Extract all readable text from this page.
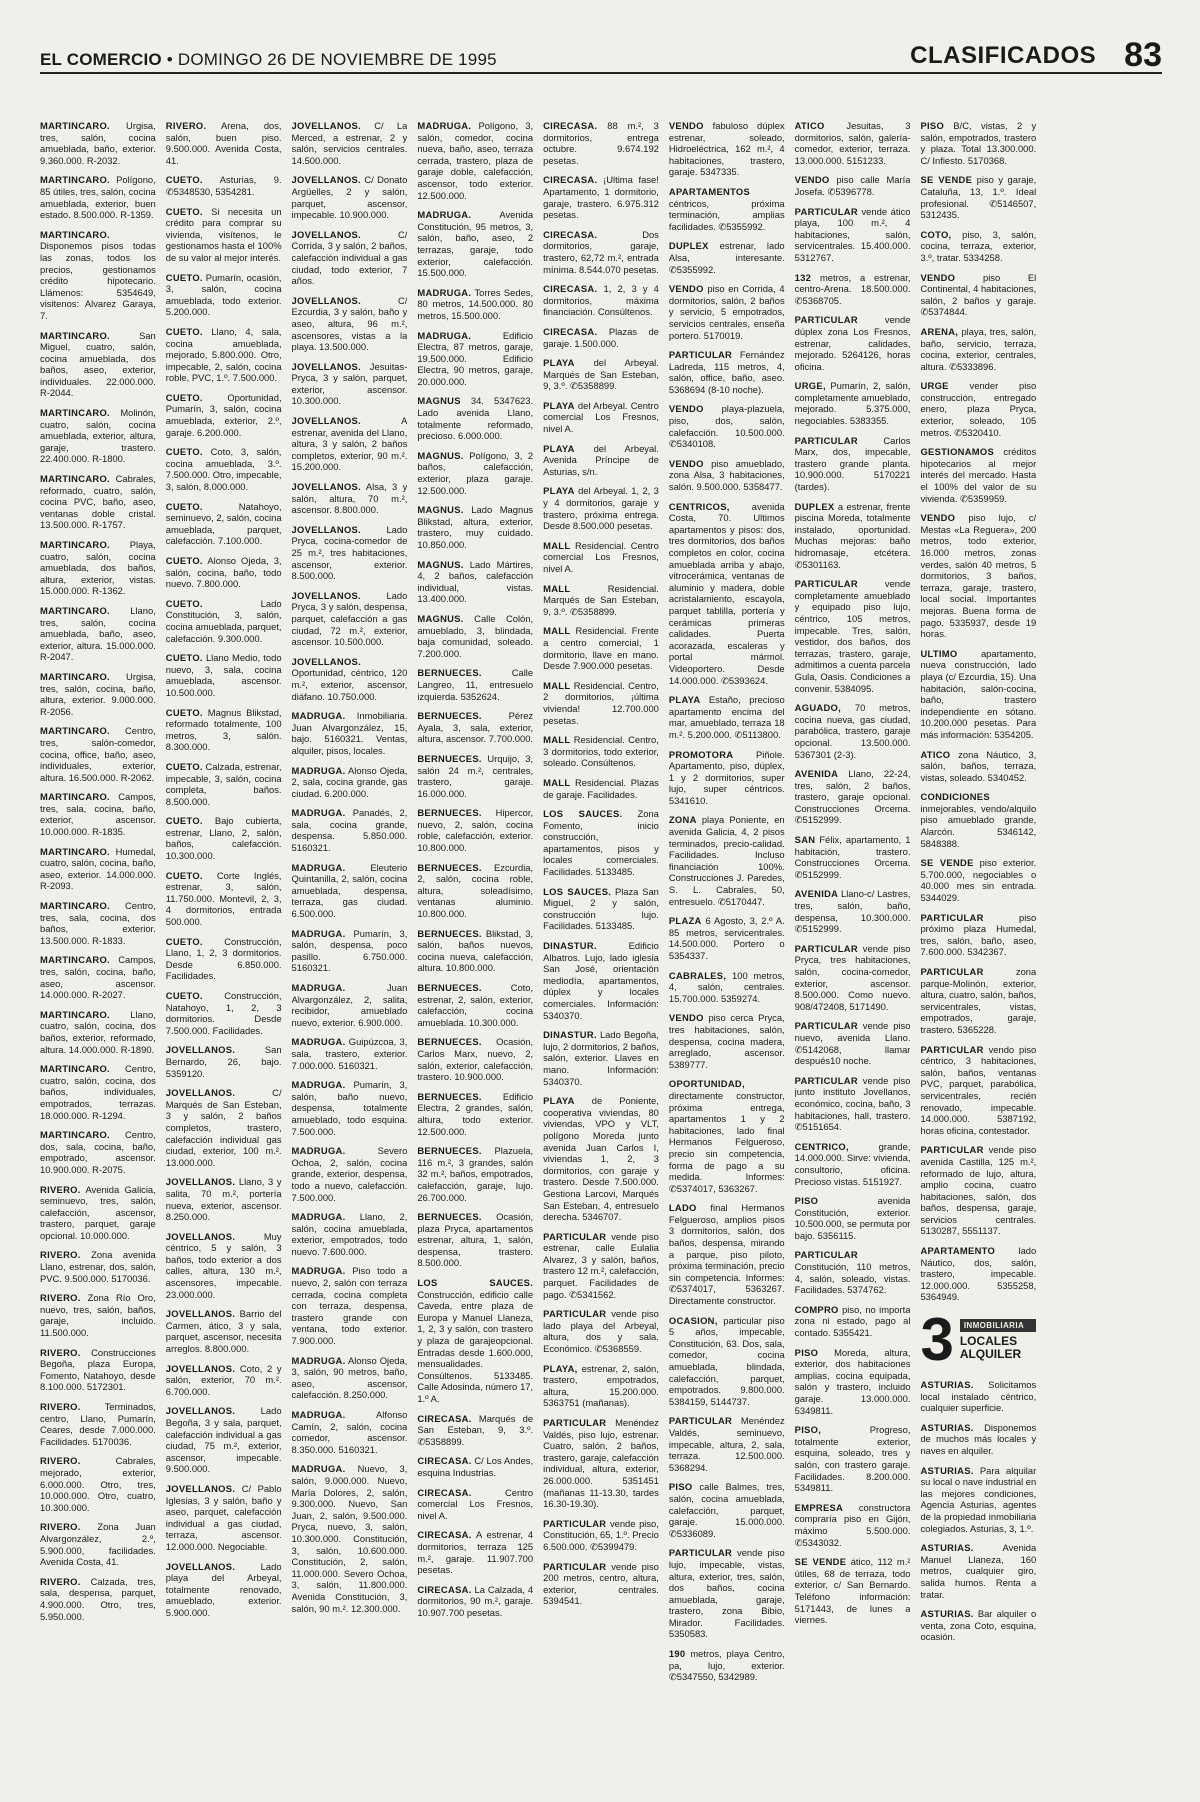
EL COMERCIO • DOMINGO 26 DE NOVIEMBRE DE 1995	CLASIFICADOS 83

MARTINCARO. Urgisa, tres, salón, cocina amueblada, baño, exterior. 9.360.000. R-2032.

MARTINCARO. Polígono, 85 útiles, tres, salón, cocina amueblada, exterior, buen estado. 8.500.000. R-1359.

MARTINCARO. Disponemos pisos todas las zonas, todos los precios, gestionamos crédito hipotecario. Llámenos: 5354649, visitenos: Alvarez Garaya, 7.

MARTINCARO. San Miguel, cuatro, salón, cocina amueblada, dos baños, aseo, exterior, individuales. 22.000.000. R-2044.

MARTINCARO. Molinón, cuatro, salón, cocina amueblada, exterior, altura, garaje, trastero. 22.400.000. R-1800.

MARTINCARO. Cabrales, reformado, cuatro, salón, cocina PVC, baño, aseo, ventanas doble cristal. 13.500.000. R-1757.

MARTINCARO. Playa, cuatro, salón, cocina amueblada, dos baños, altura, exterior, vistas. 15.000.000. R-1362.

MARTINCARO. Llano, tres, salón, cocina amueblada, baño, aseo, exterior, altura. 15.000.000. R-2047.

MARTINCARO. Urgisa, tres, salón, cocina, baño, altura, exterior. 9.000.000. R-2056.

MARTINCARO. Centro, tres, salón-comedor, cocina, office, baño, aseo, individuales, exterior, altura. 16.500.000. R-2062.

MARTINCARO. Campos, tres, sala, cocina, baño, exterior, ascensor. 10.000.000. R-1835.

MARTINCARO. Humedal, cuatro, salón, cocina, baño, aseo, exterior. 14.000.000. R-2093.

MARTINCARO. Centro, tres, sala, cocina, dos baños, exterior. 13.500.000. R-1833.

MARTINCARO. Campos, tres, salón, cocina, baño, aseo, ascensor. 14.000.000. R-2027.

MARTINCARO. Llano, cuatro, salón, cocina, dos baños, exterior, reformado, altura. 14.000.000. R-1890.

MARTINCARO. Centro, cuatro, salón, cocina, dos baños, individuales, empotrados, terrazas. 18.000.000. R-1294.

MARTINCARO. Centro, dos, sala, cocina, baño, empotrado, ascensor. 10.900.000. R-2075.

RIVERO. Avenida Galicia, seminuevo, tres, salón, calefacción, ascensor, trastero, parquet, garaje opcional. 10.000.000.

RIVERO. Zona avenida Llano, estrenar, dos, salón, PVC. 9.500.000. 5170036.

RIVERO. Zona Río Oro, nuevo, tres, salón, baños, garaje, incluido. 11.500.000.

RIVERO. Construcciones Begoña, plaza Europa, Fomento, Natahoyo, desde 8.100.000. 5172301.

RIVERO. Terminados, centro, Llano, Pumarín, Ceares, desde 7.000.000. Facilidades. 5170036.

RIVERO. Cabrales, mejorado, exterior, 6.000.000. Otro, tres, 10.000.000. Otro, cuatro, 10.300.000.

RIVERO. Zona Juan Alvargonzález, 2.º, 5.900.000, facilidades. Avenida Costa, 41.

RIVERO. Calzada, tres, sala, despensa, parquet, 4.900.000. Otro, tres, 5.950.000.

RIVERO. Arena, dos, salón, buen piso. 9.500.000. Avenida Costa, 41.

CUETO. Asturias, 9. ✆5348530, 5354281.

CUETO. Si necesita un crédito para comprar su vivienda, visítenos, le gestionamos hasta el 100% de su valor al mejor interés.

CUETO. Pumarín, ocasión, 3, salón, cocina amueblada, todo exterior. 5.200.000.

CUETO. Llano, 4, sala, cocina amueblada, mejorado, 5.800.000. Otro, impecable, 2, salón, cocina roble, PVC, 1.º. 7.500.000.

CUETO. Oportunidad, Pumarín, 3, salón, cocina amueblada, exterior, 2.º, garaje. 6.200.000.

CUETO. Coto, 3, salón, cocina amueblada, 3.º. 7.500.000. Otro, impecable, 3, salón, 8.000.000.

CUETO. Natahoyo, seminuevo, 2, salón, cocina amueblada, parquet, calefacción. 7.100.000.

CUETO. Alonso Ojeda, 3, salón, cocina, baño, todo nuevo. 7.800.000.

CUETO. Lado Constitución, 3, salón, cocina amueblada, parquet, calefacción. 9.300.000.

CUETO. Llano Medio, todo nuevo, 3, sala, cocina amueblada, ascensor. 10.500.000.

CUETO. Magnus Blikstad, reformado totalmente, 100 metros, 3, salón. 8.300.000.

CUETO. Calzada, estrenar, impecable, 3, salón, cocina completa, baños. 8.500.000.

CUETO. Bajo cubierta, estrenar, Llano, 2, salón, baños, calefacción. 10.300.000.

CUETO. Corte Inglés, estrenar, 3, salón, 11.750.000. Montevil, 2, 3, 4 dormitorios, entrada 500.000.

CUETO. Construcción, Llano, 1, 2, 3 dormitorios. Desde 6.850.000. Facilidades.

CUETO. Construcción, Natahoyo, 1, 2, 3 dormitorios. Desde 7.500.000. Facilidades.

JOVELLANOS. San Bernardo, 26, bajo. 5359120.

JOVELLANOS. C/ Marqués de San Esteban, 3 y salón, 2 baños completos, trastero, calefacción individual gas ciudad, exterior, 100 m.². 13.000.000.

JOVELLANOS. Llano, 3 y salita, 70 m.², portería nueva, exterior, ascensor. 8.250.000.

JOVELLANOS. Muy céntrico, 5 y salón, 3 baños, todo exterior a dos calles, altura, 130 m.², ascensores, impecable. 23.000.000.

JOVELLANOS. Barrio del Carmen, ático, 3 y sala, parquet, ascensor, necesita arreglos. 8.800.000.

JOVELLANOS. Coto, 2 y salón, exterior, 70 m.². 6.700.000.

JOVELLANOS. Lado Begoña, 3 y sala, parquet, calefacción individual a gas ciudad, 75 m.², exterior, ascensor, impecable. 9.500.000.

JOVELLANOS. C/ Pablo Iglesias, 3 y salón, baño y aseo, parquet, calefacción individual a gas ciudad, terraza, ascensor. 12.000.000. Negociable.

JOVELLANOS. Lado playa del Arbeyal, totalmente renovado, amueblado, exterior. 5.900.000.

JOVELLANOS. C/ La Merced, a estrenar, 2 y salón, servicios centrales. 14.500.000.

JOVELLANOS. C/ Donato Argüelles, 2 y salón, parquet, ascensor, impecable. 10.900.000.

JOVELLANOS. C/ Corrida, 3 y salón, 2 baños, calefacción individual a gas ciudad, todo exterior, 7 años.

JOVELLANOS. C/ Ezcurdia, 3 y salón, baño y aseo, altura, 96 m.², ascensores, vistas a la playa. 13.500.000.

JOVELLANOS. Jesuitas-Pryca, 3 y salón, parquet, exterior, ascensor. 10.300.000.

JOVELLANOS. A estrenar, avenida del Llano, altura, 3 y salón, 2 baños completos, exterior, 90 m.². 15.200.000.

JOVELLANOS. Alsa, 3 y salón, altura, 70 m.², ascensor. 8.800.000.

JOVELLANOS. Lado Pryca, cocina-comedor de 25 m.², tres habitaciones, ascensor, exterior. 8.500.000.

JOVELLANOS. Lado Pryca, 3 y salón, despensa, parquet, calefacción a gas ciudad, 72 m.², exterior, ascensor. 10.500.000.

JOVELLANOS. Oportunidad, céntrico, 120 m.², exterior, ascensor, diáfano. 10.750.000.

MADRUGA. Inmobiliaria. Juan Alvargonzález, 15, bajo. 5160321. Ventas, alquiler, pisos, locales.

MADRUGA. Alonso Ojeda, 2, sala, cocina grande, gas ciudad. 6.200.000.

MADRUGA. Panadés, 2, sala, cocina grande, despensa. 5.850.000. 5160321.

MADRUGA. Eleuterio Quintanilla, 2, salón, cocina amueblada, despensa, terraza, gas ciudad. 6.500.000.

MADRUGA. Pumarín, 3, salón, despensa, poco pasillo. 6.750.000. 5160321.

MADRUGA. Juan Alvargonzález, 2, salita, recibidor, amueblado nuevo, exterior. 6.900.000.

MADRUGA. Guipúzcoa, 3, sala, trastero, exterior. 7.000.000. 5160321.

MADRUGA. Pumarín, 3, salón, baño nuevo, despensa, totalmente amueblado, todo esquina. 7.500.000.

MADRUGA. Severo Ochoa, 2, salón, cocina grande, exterior, despensa, todo a nuevo, calefacción. 7.500.000.

MADRUGA. Llano, 2, salón, cocina amueblada, exterior, empotrados, todo nuevo. 7.600.000.

MADRUGA. Piso todo a nuevo, 2, salón con terraza cerrada, cocina completa con terraza, despensa, trastero grande con ventana, todo exterior. 7.900.000.

MADRUGA. Alonso Ojeda, 3, salón, 90 metros, baño, aseo, ascensor, calefacción. 8.250.000.

MADRUGA. Alfonso Camín, 2, salón, cocina comedor, ascensor. 8.350.000. 5160321.

MADRUGA. Nuevo, 3, salón, 9.000.000. Nuevo, María Dolores, 2, salón, 9.300.000. Nuevo, San Juan, 2, salón, 9.500.000. Pryca, nuevo, 3, salón, 10.300.000. Constitución, 3, salón, 10.600.000. Constitución, 2, salón, 11.000.000. Severo Ochoa, 3, salón, 11.800.000. Avenida Constitución, 3, salón, 90 m.². 12.300.000.

MADRUGA. Polígono, 3, salón, comedor, cocina nueva, baño, aseo, terraza cerrada, trastero, plaza de garaje doble, calefacción, ascensor, todo exterior. 12.500.000.

MADRUGA. Avenida Constitución, 95 metros, 3, salón, baño, aseo, 2 terrazas, garaje, todo exterior, calefacción. 15.500.000.

MADRUGA. Torres Sedes, 80 metros, 14.500.000. 80 metros, 15.500.000.

MADRUGA. Edificio Electra, 87 metros, garaje, 19.500.000. Edificio Electra, 90 metros, garaje, 20.000.000.

MAGNUS 34. 5347623. Lado avenida Llano, totalmente reformado, precioso. 6.000.000.

MAGNUS. Polígono, 3, 2 baños, calefacción, exterior, plaza garaje. 12.500.000.

MAGNUS. Lado Magnus Blikstad, altura, exterior, trastero, muy cuidado. 10.850.000.

MAGNUS. Lado Mártires, 4, 2 baños, calefacción individual, vistas. 13.400.000.

MAGNUS. Calle Colón, amueblado, 3, blindada, baja comunidad, soleado. 7.200.000.

BERNUECES. Calle Langreo, 11, entresuelo izquierda. 5352624.

BERNUECES. Pérez Ayala, 3, sala, exterior, altura, ascensor. 7.700.000.

BERNUECES. Urquijo, 3, salón 24 m.², centrales, trastero, garaje. 16.000.000.

BERNUECES. Hipercor, nuevo, 2, salón, cocina roble, calefacción, exterior. 10.800.000.

BERNUECES. Ezcurdia, 2, salón, cocina roble, altura, soleadísimo, ventanas aluminio. 10.800.000.

BERNUECES. Blikstad, 3, salón, baños nuevos, cocina nueva, calefacción, altura. 10.800.000.

BERNUECES. Coto, estrenar, 2, salón, exterior, calefacción, cocina amueblada. 10.300.000.

BERNUECES. Ocasión, Carlos Marx, nuevo, 2, salón, exterior, calefacción, trastero. 10.900.000.

BERNUECES. Edificio Electra, 2 grandes, salón, altura, todo exterior. 12.500.000.

BERNUECES. Plazuela, 116 m.², 3 grandes, salón 32 m.², baños, empotrados, calefacción, garaje, lujo. 26.700.000.

BERNUECES. Ocasión, plaza Pryca, apartamentos estrenar, altura, 1, salón, despensa, trastero. 8.500.000.

LOS SAUCES. Construcción, edificio calle Caveda, entre plaza de Europa y Manuel Llaneza, 1, 2, 3 y salón, con trastero y plaza de garajeopcional. Entradas desde 1.600.000, mensualidades. Consúltenos. 5133485. Calle Adosinda, número 17, 1.º A.

CIRECASA. Marqués de San Esteban, 9, 3.º. ✆5358899.

CIRECASA. C/ Los Andes, esquina Industrias.

CIRECASA. Centro comercial Los Fresnos, nivel A.

CIRECASA. A estrenar, 4 dormitorios, terraza 125 m.², garaje. 11.907.700 pesetas.

CIRECASA. La Calzada, 4 dormitorios, 90 m.², garaje. 10.907.700 pesetas.

CIRECASA. 88 m.², 3 dormitorios, entrega octubre. 9.674.192 pesetas.

CIRECASA. ¡Ultima fase! Apartamento, 1 dormitorio, garaje, trastero. 6.975.312 pesetas.

CIRECASA. Dos dormitorios, garaje, trastero, 62,72 m.², entrada mínima. 8.544.070 pesetas.

CIRECASA. 1, 2, 3 y 4 dormitorios, máxima financiación. Consúltenos.

CIRECASA. Plazas de garaje. 1.500.000.

PLAYA del Arbeyal. Marqués de San Esteban, 9, 3.º. ✆5358899.

PLAYA del Arbeyal. Centro comercial Los Fresnos, nivel A.

PLAYA del Arbeyal. Avenida Príncipe de Asturias, s/n.

PLAYA del Arbeyal. 1, 2, 3 y 4 dormitorios, garaje y trastero, próxima entrega. Desde 8.500.000 pesetas.

MALL Residencial. Centro comercial Los Fresnos, nivel A.

MALL Residencial. Marqués de San Esteban, 9, 3.º. ✆5358899.

MALL Residencial. Frente a centro comercial, 1 dormitorio, llave en mano. Desde 7.900.000 pesetas.

MALL Residencial. Centro, 2 dormitorios, ¡última vivienda! 12.700.000 pesetas.

MALL Residencial. Centro, 3 dormitorios, todo exterior, soleado. Consúltenos.

MALL Residencial. Plazas de garaje. Facilidades.

LOS SAUCES. Zona Fomento, inicio construcción, apartamentos, pisos y locales comerciales. Facilidades. 5133485.

LOS SAUCES. Plaza San Miguel, 2 y salón, construcción lujo. Facilidades. 5133485.

DINASTUR. Edificio Albatros. Lujo, lado iglesia San José, orientación mediodía, apartamentos, dúplex y locales comerciales. Información: 5340370.

DINASTUR. Lado Begoña, lujo, 2 dormitorios, 2 baños, salón, exterior. Llaves en mano. Información: 5340370.

PLAYA de Poniente, cooperativa viviendas, 80 viviendas, VPO y VLT, polígono Moreda junto avenida Juan Carlos I, viviendas 1, 2, 3 dormitorios, con garaje y trastero. Desde 7.500.000. Gestiona Larcovi, Marqués San Esteban, 4, entresuelo derecha. 5346707.

PARTICULAR vende piso estrenar, calle Eulalia Alvarez, 3 y salón, baños, trastero 12 m.², calefacción, parquet. Facilidades de pago. ✆5341562.

PARTICULAR vende piso lado playa del Arbeyal, altura, dos y sala. Económico. ✆5368559.

PLAYA, estrenar, 2, salón, trastero, empotrados, altura, 15.200.000. 5363751 (mañanas).

PARTICULAR Menéndez Valdés, piso lujo, estrenar. Cuatro, salón, 2 baños, trastero, garaje, calefacción individual, altura, exterior, 26.000.000. 5351451 (mañanas 11-13.30, tardes 16.30-19.30).

PARTICULAR vende piso, Constitución, 65, 1.º. Precio 6.500.000. ✆5399479.

PARTICULAR vende piso 200 metros, centro, altura, exterior, centrales. 5394541.

VENDO fabuloso dúplex estrenar, soleado, Hidroeléctrica, 162 m.², 4 habitaciones, trastero, garaje. 5347335.

APARTAMENTOS céntricos, próxima terminación, amplias facilidades. ✆5355992.

DUPLEX estrenar, lado Alsa, interesante. ✆5355992.

VENDO piso en Corrida, 4 dormitorios, salón, 2 baños y servicio, 5 empotrados, servicios centrales, enseña portero. 5170019.

PARTICULAR Fernández Ladreda, 115 metros, 4, salón, office, baño, aseo. 5368694 (8-10 noche).

VENDO playa-plazuela, piso, dos, salón, calefacción. 10.500.000. ✆5340108.

VENDO piso amueblado, zona Alsa, 3 habitaciones, salón. 9.500.000. 5358477.

CENTRICOS, avenida Costa, 70. Ultimos apartamentos y pisos: dos, tres dormitorios, dos baños completos en color, cocina amueblada arriba y abajo, vitrocerámica, ventanas de aluminio y madera, doble acristalamiento, escayola, parquet tablilla, portería y cerámicas primeras calidades. Puerta acorazada, escaleras y portal mármol. Videoportero. Desde 14.000.000. ✆5393624.

PLAYA Estaño, precioso apartamento encima del mar, amueblado, terraza 18 m.². 5.200.000. ✆5113800.

PROMOTORA Piñole. Apartamento, piso, dúplex, 1 y 2 dormitorios, super lujo, super céntricos. 5341610.

ZONA playa Poniente, en avenida Galicia, 4, 2 pisos terminados, precio-calidad. Facilidades. Incluso financiación 100%. Construcciones J. Paredes, S. L. Cabrales, 50, entresuelo. ✆5170447.

PLAZA 6 Agosto, 3, 2.º A. 85 metros, servicentrales. 14.500.000. Portero o 5354337.

CABRALES, 100 metros, 4, salón, centrales. 15.700.000. 5359274.

VENDO piso cerca Pryca, tres habitaciones, salón, despensa, cocina madera, arreglado, ascensor. 5389777.

OPORTUNIDAD, directamente constructor, próxima entrega, apartamentos 1 y 2 habitaciones, lado final Hermanos Felgueroso, precio sin competencia, forma de pago a su medida. Informes: ✆5374017, 5363267.

LADO final Hermanos Felgueroso, amplios pisos 3 dormitorios, salón, dos baños, despensa, mirando a parque, piso piloto, próxima terminación, precio sin competencia. Informes: ✆5374017, 5363267. Directamente constructor.

OCASION, particular piso 5 años, impecable, Constitución, 63. Dos, sala, comedor, cocina amueblada, blindada, calefacción, parquet, empotrados. 9.800.000. 5384159, 5144737.

PARTICULAR Menéndez Valdés, seminuevo, impecable, altura, 2, sala, terraza. 12.500.000. 5368294.

PISO calle Balmes, tres, salón, cocina amueblada, calefacción, parquet, garaje. 15.000.000. ✆5336089.

PARTICULAR vende piso lujo, impecable, vistas, altura, exterior, tres, salón, dos baños, cocina amueblada, garaje, trastero, zona Bibio, Mirador. Facilidades. 5350583.

190 metros, playa Centro, pa, lujo, exterior. ✆5347550, 5342989.

ATICO Jesuitas, 3 dormitorios, salón, galería-comedor, exterior, terraza. 13.000.000. 5151233.

VENDO piso calle María Josefa. ✆5396778.

PARTICULAR vende ático playa, 100 m.², 4 habitaciones, salón, servicentrales. 15.400.000. 5312767.

132 metros, a estrenar, centro-Arena. 18.500.000. ✆5368705.

PARTICULAR vende dúplex zona Los Fresnos, estrenar, calidades, mejorado. 5264126, horas oficina.

URGE, Pumarín, 2, salón, completamente amueblado, mejorado. 5.375.000, negociables. 5383355.

PARTICULAR Carlos Marx, dos, impecable, trastero grande planta. 10.900.000. 5170221 (tardes).

DUPLEX a estrenar, frente piscina Moreda, totalmente instalado, oportunidad. Muchas mejoras: baño hidromasaje, etcétera. ✆5301163.

PARTICULAR vende completamente amueblado y equipado piso lujo, céntrico, 105 metros, impecable. Tres, salón, vestidor, dos baños, dos terrazas, trastero, garaje, admitimos a cuenta parcela Gula, Oasis. Condiciones a convenir. 5384095.

AGUADO, 70 metros, cocina nueva, gas ciudad, parabólica, trastero, garaje opcional. 13.500.000. 5367301 (2-3).

AVENIDA Llano, 22-24, tres, salón, 2 baños, trastero, garaje opcional. Construcciones Orcema. ✆5152999.

SAN Félix, apartamento, 1 habitación, trastero. Construcciones Orcema. ✆5152999.

AVENIDA Llano-c/ Lastres, tres, salón, baño, despensa, 10.300.000. ✆5152999.

PARTICULAR vende piso Pryca, tres habitaciones, salón, cocina-comedor, exterior, ascensor. 8.500.000. Como nuevo. 908/472408, 5171490.

PARTICULAR vende piso nuevo, avenida Llano. ✆5142068, llamar después10 noche.

PARTICULAR vende piso junto instituto Jovellanos, económico, cocina, baño, 3 habitaciones, hall, trastero. ✆5151654.

CENTRICO, grande, 14.000.000. Sirve: vivienda, consultorio, oficina. Precioso vistas. 5151927.

PISO avenida Constitución, exterior. 10.500.000, se permuta por bajo. 5356115.

PARTICULAR Constitución, 110 metros, 4, salón, soleado, vistas. Facilidades. 5374762.

COMPRO piso, no importa zona ni estado, pago al contado. 5355421.

PISO Moreda, altura, exterior, dos habitaciones amplias, cocina equipada, salón y trastero, incluido garaje. 13.000.000. 5349811.

PISO, Progreso, totalmente exterior, esquina, soleado, tres y salón, con trastero garaje. Facilidades. 8.200.000. 5349811.

EMPRESA constructora compraría piso en Gijón, máximo 5.500.000. ✆5343032.

SE VENDE ático, 112 m.² útiles, 68 de terraza, todo exterior, c/ San Bernardo. Teléfono información: 5171443, de lunes a viernes.

PISO B/C, vistas, 2 y salón, empotrados, trastero y plaza. Total 13.300.000. C/ Infiesto. 5170368.

SE VENDE piso y garaje, Cataluña, 13, 1.º. Ideal profesional. ✆5146507, 5312435.

COTO, piso, 3, salón, cocina, terraza, exterior, 3.º, tratar. 5334258.

VENDO piso El Continental, 4 habitaciones, salón, 2 baños y garaje. ✆5374844.

ARENA, playa, tres, salón, baño, servicio, terraza, cocina, exterior, centrales, altura. ✆5333896.

URGE vender piso construcción, entregado enero, plaza Pryca, exterior, soleado, 105 metros. ✆5320410.

GESTIONAMOS créditos hipotecarios al mejor interés del mercado. Hasta el 100% del valor de su vivienda. ✆5359959.

VENDO piso lujo, c/ Mestas «La Reguera», 200 metros, todo exterior, 16.000 metros, zonas verdes, salón 40 metros, 5 dormitorios, 3 baños, terraza, garaje, trastero, local social. Importantes mejoras. Buena forma de pago. 5335937, desde 19 horas.

ULTIMO apartamento, nueva construcción, lado playa (c/ Ezcurdia, 15). Una habitación, salón-cocina, baño, trastero independiente en sótano. 10.200.000 pesetas. Para más información: 5354205.

ATICO zona Náutico, 3, salón, baños, terraza, vistas, soleado. 5340452.

CONDICIONES inmejorables, vendo/alquilo piso amueblado grande, Alarcón. 5346142, 5848388.

SE VENDE piso exterior. 5.700.000, negociables o 40.000 mes sin entrada. 5344029.

PARTICULAR piso próximo plaza Humedal, tres, salón, baño, aseo, 7.600.000. 5342367.

PARTICULAR zona parque-Molinón, exterior, altura, cuatro, salón, baños, servicentrales, vistas, empotrados, garaje, trastero. 5365228.

PARTICULAR vendo piso céntrico, 3 habitaciones, salón, baños, ventanas PVC, parquet, parabólica, servicentrales, recién renovado, impecable. 14.000.000. 5387192, horas oficina, contestador.

PARTICULAR vende piso avenida Castilla, 125 m.², reformado de lujo, altura, amplio cocina, cuatro habitaciones, salón, dos baños, despensa, garaje, servicios centrales. 5130287, 5551137.

APARTAMENTO lado Náutico, dos, salón, trastero, impecable. 12.000.000. 5355258, 5364949.

3	INMOBILIARIA
LOCALES ALQUILER

ASTURIAS. Solicitamos local instalado céntrico, cualquier superficie.

ASTURIAS. Disponemos de muchos más locales y naves en alquiler.

ASTURIAS. Para alquilar su local o nave industrial en las mejores condiciones, Agencia Asturias, agentes de la propiedad inmobiliaria colegiados. Asturias, 3, 1.º.

ASTURIAS. Avenida Manuel Llaneza, 160 metros, cualquier giro, salida humos. Renta a tratar.

ASTURIAS. Bar alquiler o venta, zona Coto, esquina, ocasión.
